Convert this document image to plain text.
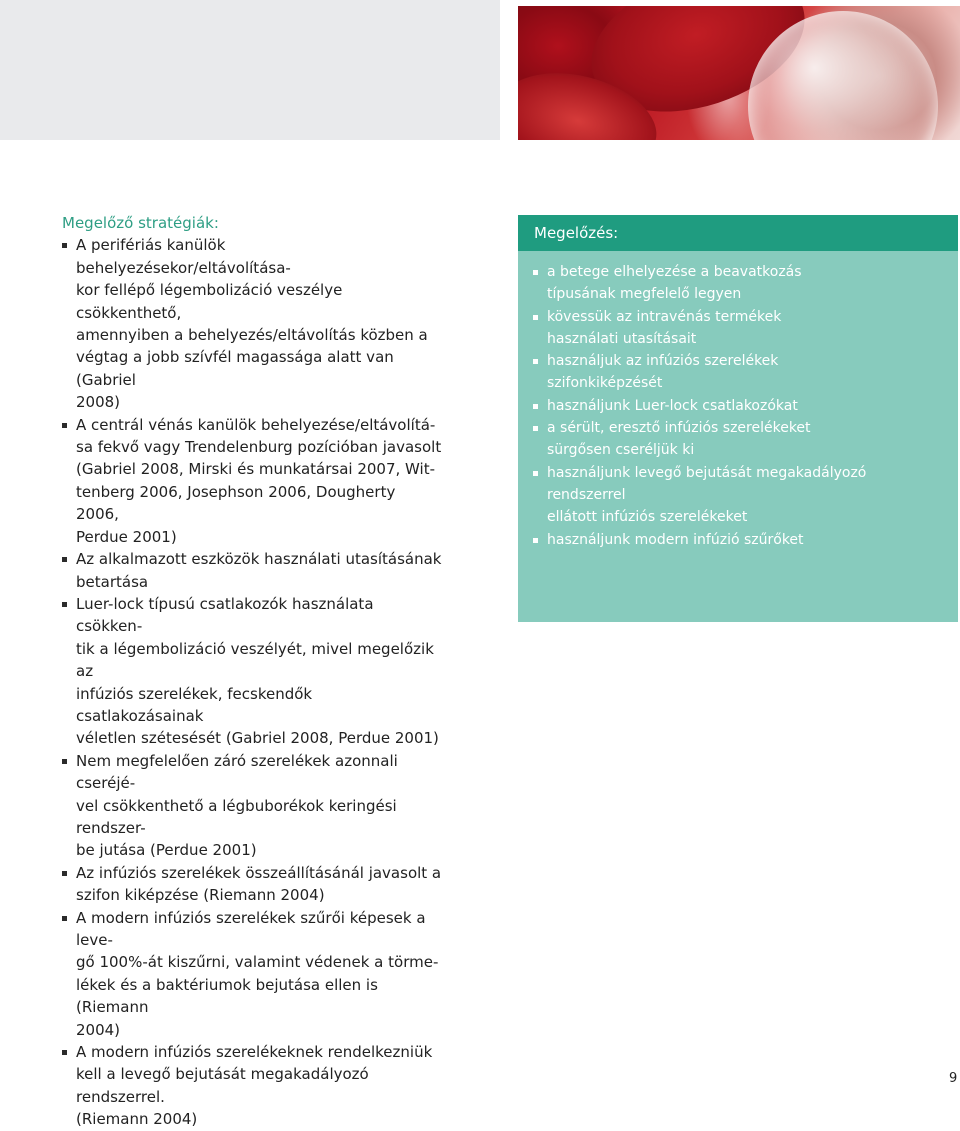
Megelőző stratégiák:
A perifériás kanülök behelyezésekor/eltávolítása-
kor fellépő légembolizáció veszélye csökkenthető,
amennyiben a behelyezés/eltávolítás közben a
végtag a jobb szívfél magassága alatt van (Gabriel
2008)
A centrál vénás kanülök behelyezése/eltávolítá-
sa fekvő vagy Trendelenburg pozícióban javasolt
(Gabriel 2008, Mirski és munkatársai 2007, Wit-
tenberg 2006, Josephson 2006, Dougherty 2006,
Perdue 2001)
Az alkalmazott eszközök használati utasításának
betartása
Luer-lock típusú csatlakozók használata csökken-
tik a légembolizáció veszélyét, mivel megelőzik az
infúziós szerelékek, fecskendők csatlakozásainak
véletlen szétesését (Gabriel 2008, Perdue 2001)
Nem megfelelően záró szerelékek azonnali cseréjé-
vel csökkenthető a légbuborékok keringési rendszer-
be jutása (Perdue 2001)
Az infúziós szerelékek összeállításánál javasolt a
szifon kiképzése (Riemann 2004)
A modern infúziós szerelékek szűrői képesek a leve-
gő 100%-át kiszűrni, valamint védenek a törme-
lékek és a baktériumok bejutása ellen is (Riemann
2004)
A modern infúziós szerelékeknek rendelkezniük
kell a levegő bejutását megakadályozó rendszerrel.
(Riemann 2004)
Megelőzés:
a betege elhelyezése a beavatkozás
típusának megfelelő legyen
kövessük az intravénás termékek
használati utasításait
használjuk az infúziós szerelékek
szifonkiképzését
használjunk Luer-lock csatlakozókat
a sérült, eresztő infúziós szerelékeket
sürgősen cseréljük ki
használjunk levegő bejutását megakadályozó rendszerrel
ellátott infúziós szerelékeket
használjunk modern infúzió szűrőket
9
